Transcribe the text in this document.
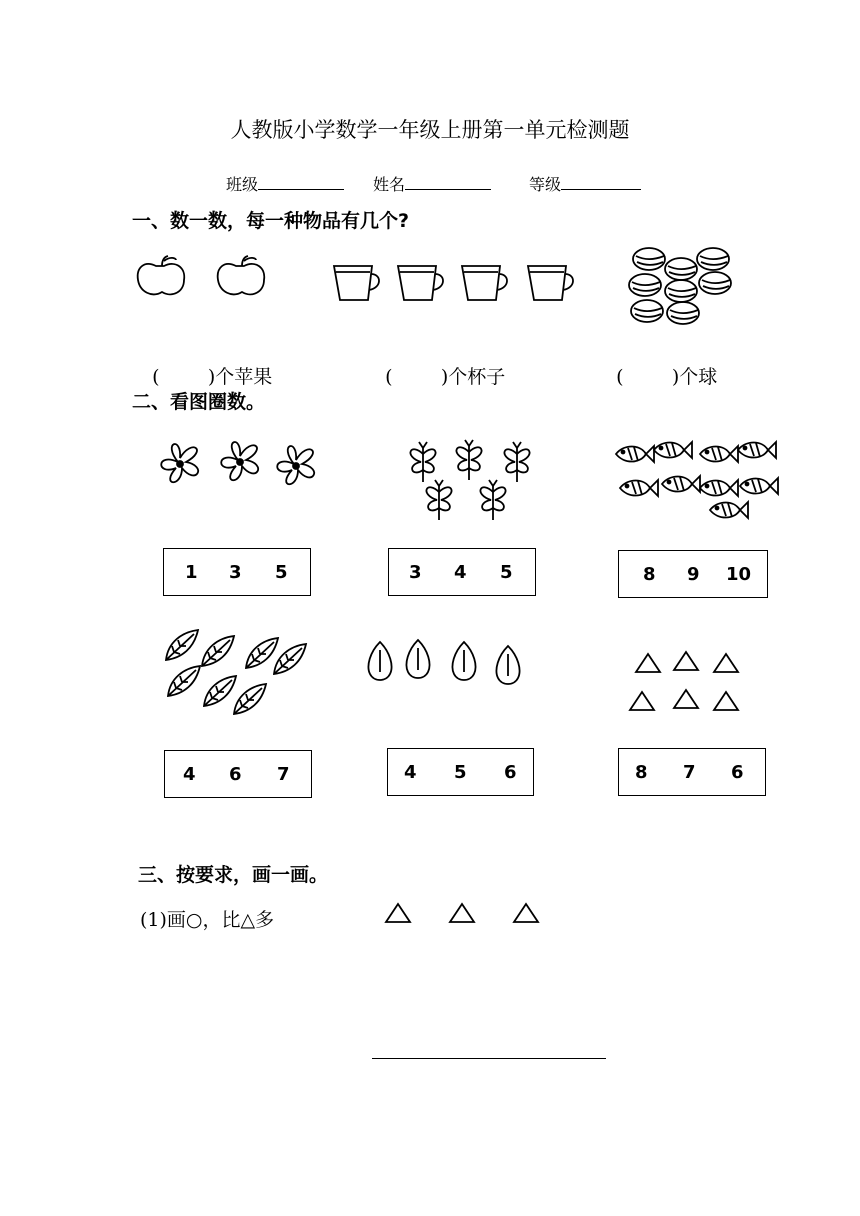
人教版小学数学一年级上册第一单元检测题
班级	姓名	等级
一、数一数，每一种物品有几个?

(        )个苹果	(        )个杯子	(        )个球

二、看图圈数。
1 3 5	3 4 5	8 9 10
4 6 7	4 5 6	8 7 6
三、按要求，画一画。
(1)画○，比△多
